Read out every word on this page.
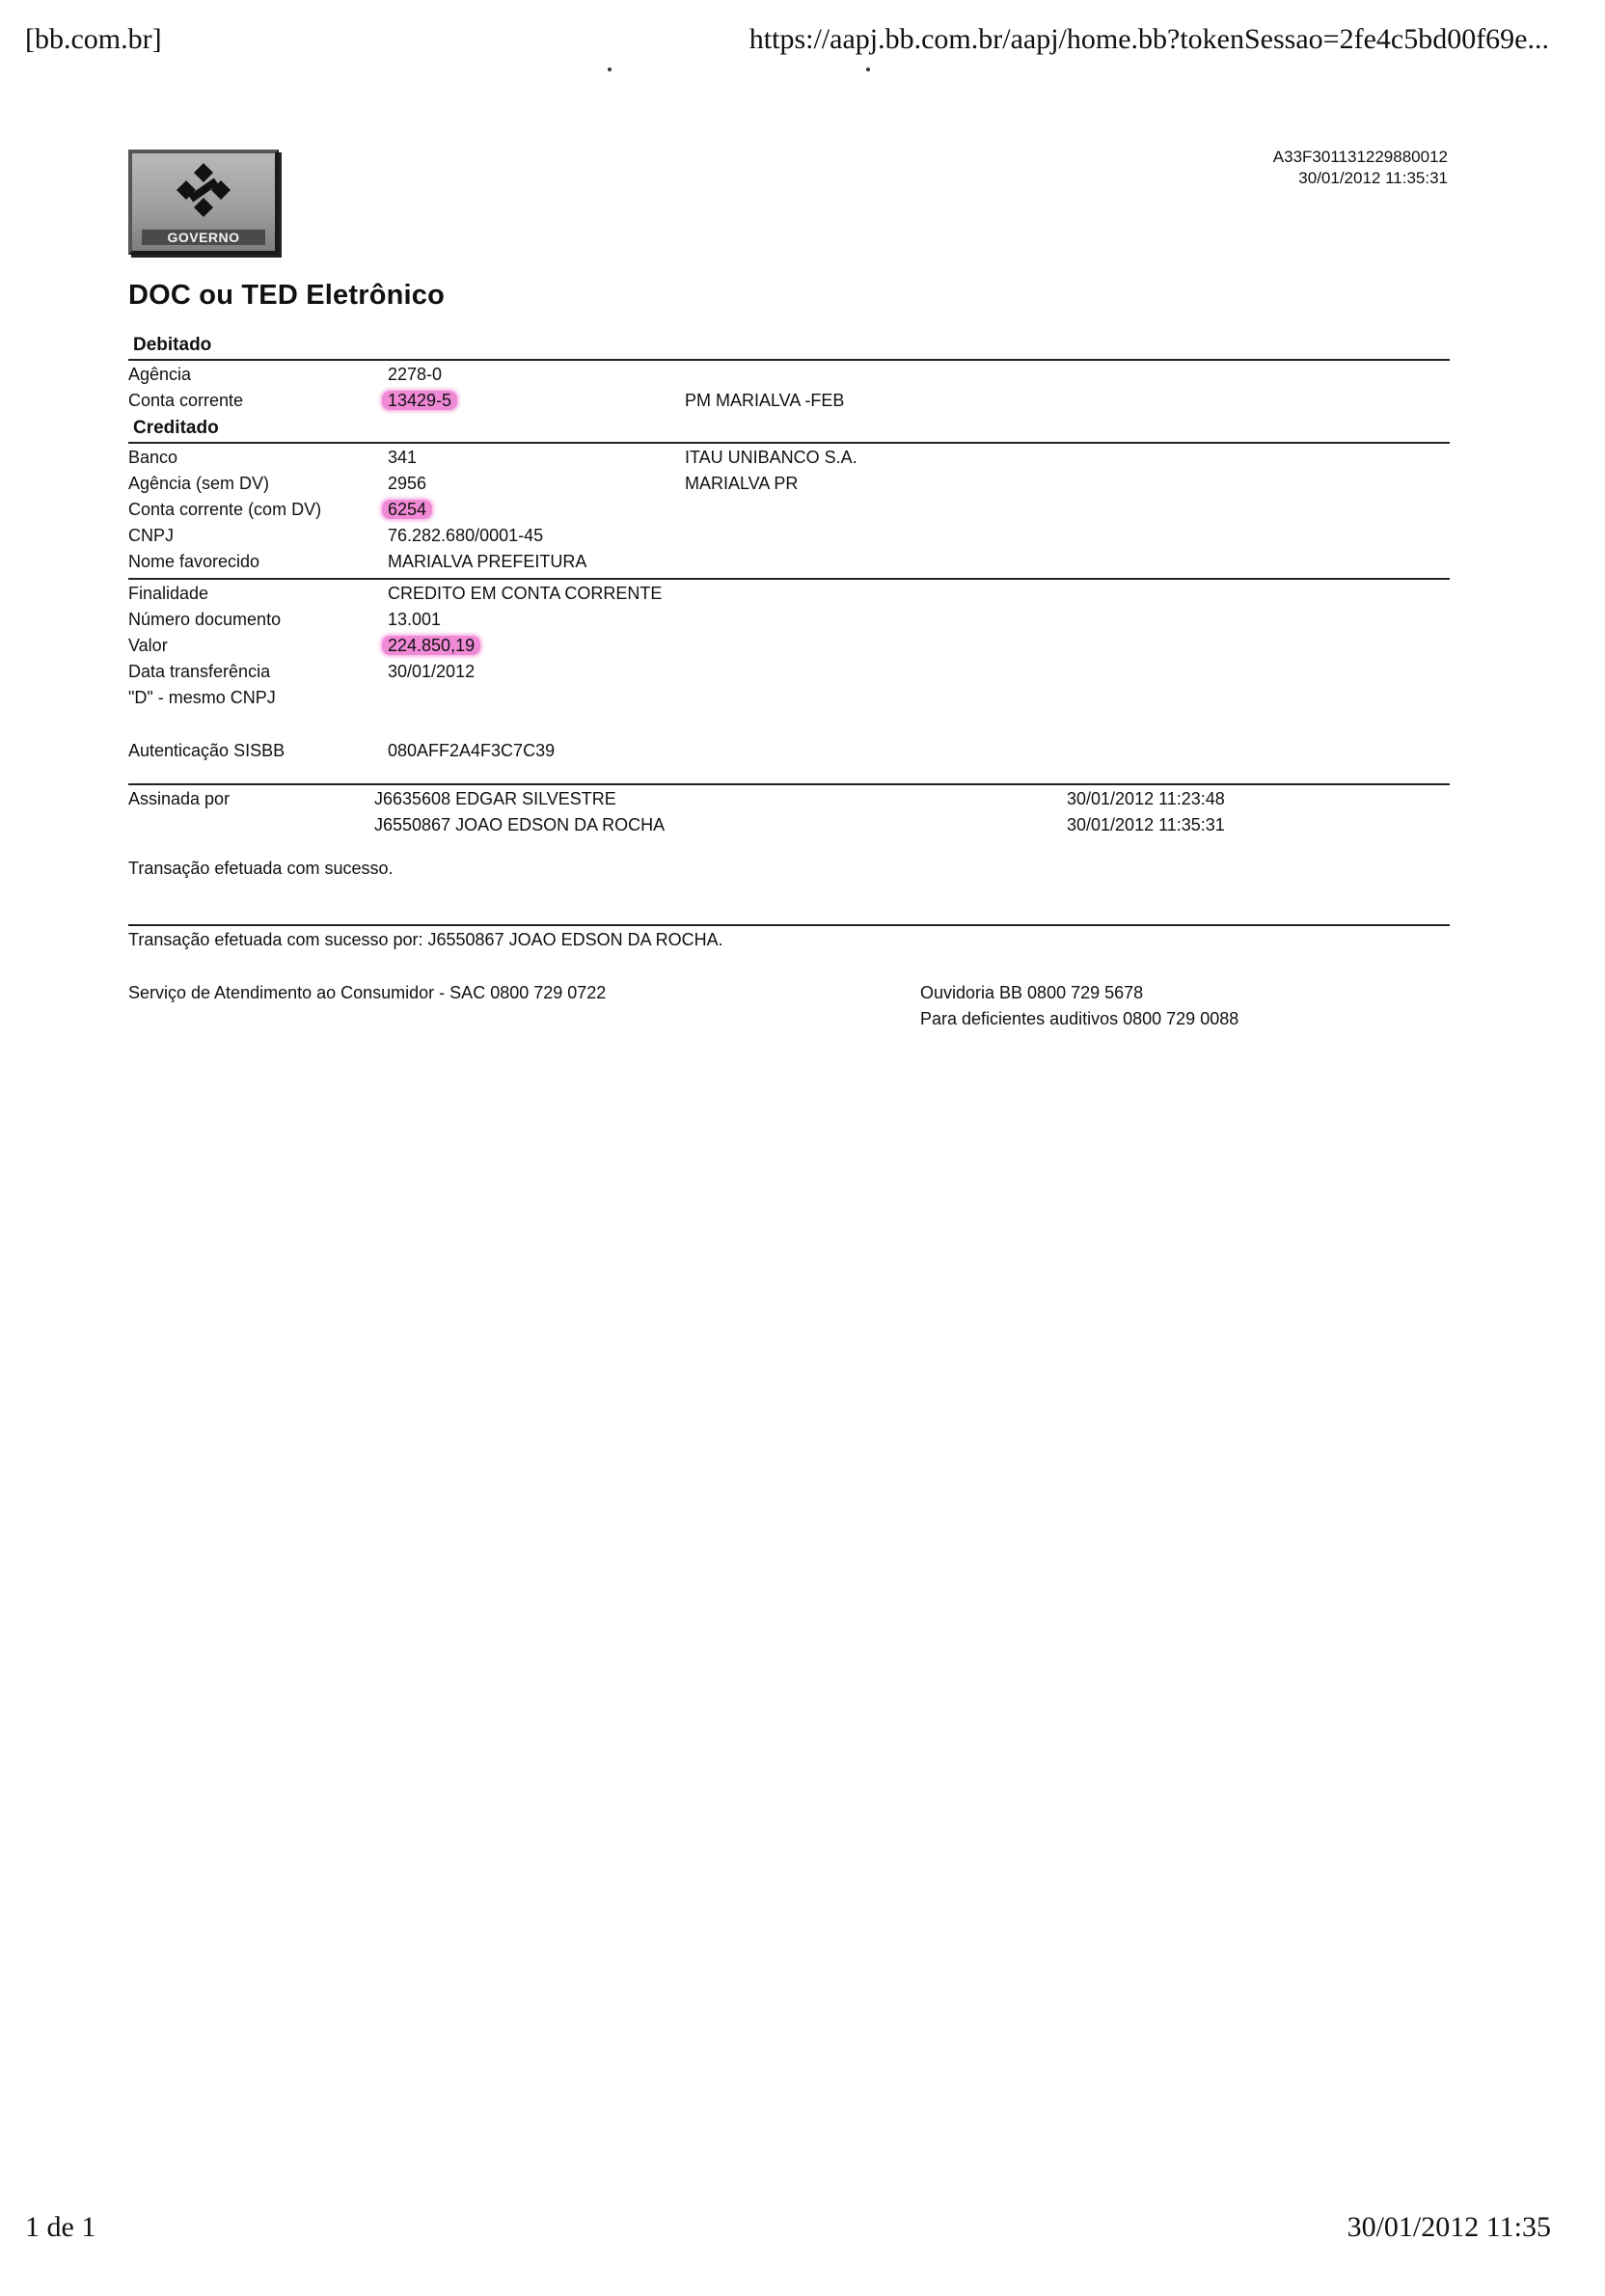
[bb.com.br]	https://aapj.bb.com.br/aapj/home.bb?tokenSessao=2fe4c5bd00f69e...
GOVERNO
A33F301131229880012
30/01/2012 11:35:31
DOC ou TED Eletrônico
Debitado
Agência	2278-0
Conta corrente	13429-5	PM MARIALVA -FEB
Creditado
Banco	341	ITAU UNIBANCO S.A.
Agência (sem DV)	2956	MARIALVA PR
Conta corrente (com DV)	6254
CNPJ	76.282.680/0001-45
Nome favorecido	MARIALVA PREFEITURA
Finalidade	CREDITO EM CONTA CORRENTE
Número documento	13.001
Valor	224.850,19
Data transferência	30/01/2012
"D" - mesmo CNPJ
Autenticação SISBB	080AFF2A4F3C7C39
Assinada por	J6635608 EDGAR SILVESTRE	30/01/2012 11:23:48
J6550867 JOAO EDSON DA ROCHA	30/01/2012 11:35:31
Transação efetuada com sucesso.
Transação efetuada com sucesso por: J6550867 JOAO EDSON DA ROCHA.
Serviço de Atendimento ao Consumidor - SAC 0800 729 0722	Ouvidoria BB 0800 729 5678
Para deficientes auditivos 0800 729 0088
1 de 1	30/01/2012 11:35
